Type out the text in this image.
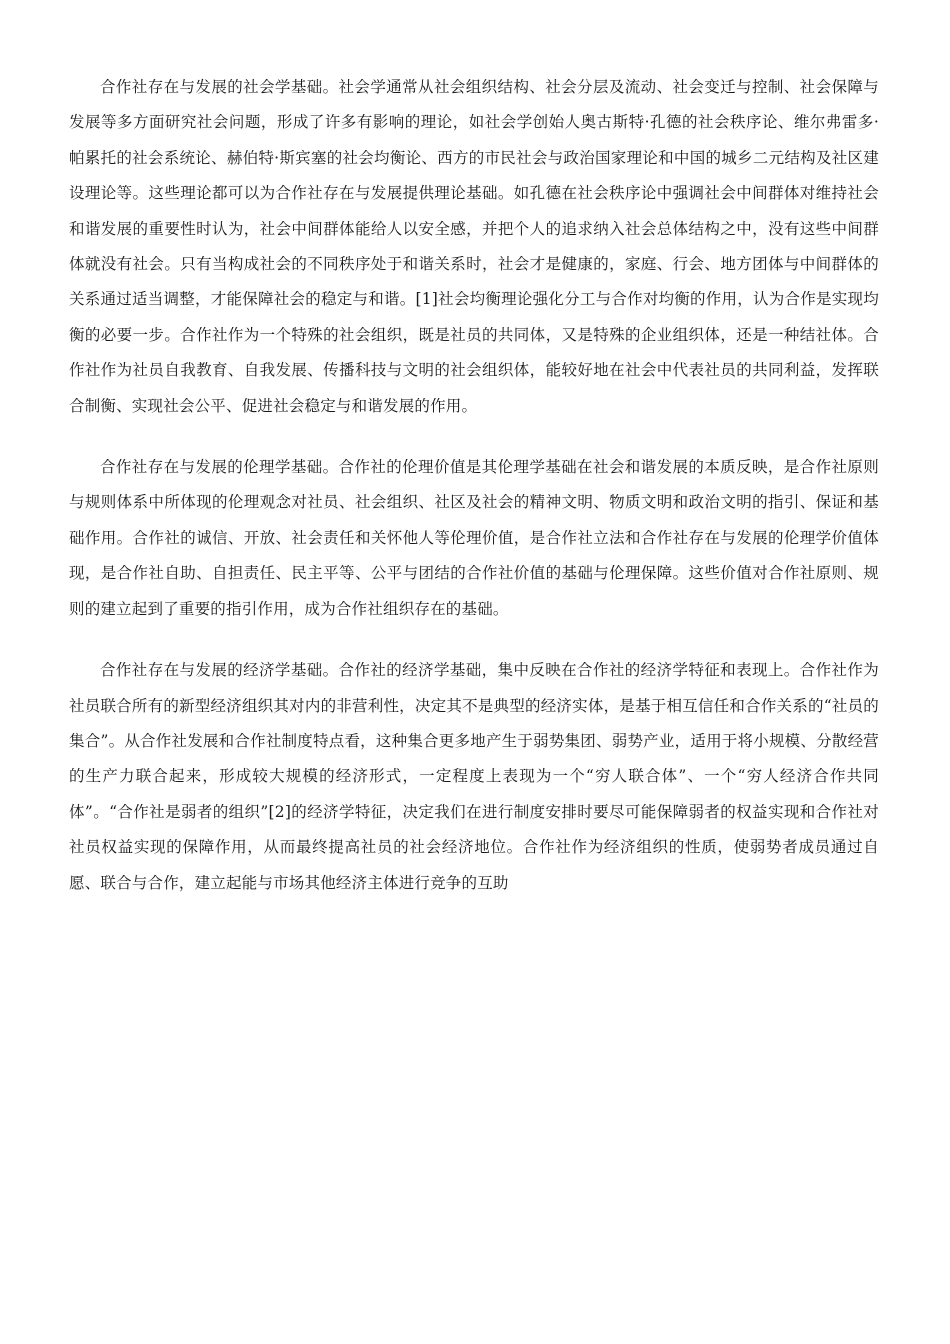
合作社存在与发展的社会学基础。社会学通常从社会组织结构、社会分层及流动、社会变迁与控制、社会保障与发展等多方面研究社会问题，形成了许多有影响的理论，如社会学创始人奥古斯特·孔德的社会秩序论、维尔弗雷多·帕累托的社会系统论、赫伯特·斯宾塞的社会均衡论、西方的市民社会与政治国家理论和中国的城乡二元结构及社区建设理论等。这些理论都可以为合作社存在与发展提供理论基础。如孔德在社会秩序论中强调社会中间群体对维持社会和谐发展的重要性时认为，社会中间群体能给人以安全感，并把个人的追求纳入社会总体结构之中，没有这些中间群体就没有社会。只有当构成社会的不同秩序处于和谐关系时，社会才是健康的，家庭、行会、地方团体与中间群体的关系通过适当调整，才能保障社会的稳定与和谐。[1]社会均衡理论强化分工与合作对均衡的作用，认为合作是实现均衡的必要一步。合作社作为一个特殊的社会组织，既是社员的共同体，又是特殊的企业组织体，还是一种结社体。合作社作为社员自我教育、自我发展、传播科技与文明的社会组织体，能较好地在社会中代表社员的共同利益，发挥联合制衡、实现社会公平、促进社会稳定与和谐发展的作用。

合作社存在与发展的伦理学基础。合作社的伦理价值是其伦理学基础在社会和谐发展的本质反映，是合作社原则与规则体系中所体现的伦理观念对社员、社会组织、社区及社会的精神文明、物质文明和政治文明的指引、保证和基础作用。合作社的诚信、开放、社会责任和关怀他人等伦理价值，是合作社立法和合作社存在与发展的伦理学价值体现，是合作社自助、自担责任、民主平等、公平与团结的合作社价值的基础与伦理保障。这些价值对合作社原则、规则的建立起到了重要的指引作用，成为合作社组织存在的基础。

合作社存在与发展的经济学基础。合作社的经济学基础，集中反映在合作社的经济学特征和表现上。合作社作为社员联合所有的新型经济组织其对内的非营利性，决定其不是典型的经济实体，是基于相互信任和合作关系的“社员的集合”。从合作社发展和合作社制度特点看，这种集合更多地产生于弱势集团、弱势产业，适用于将小规模、分散经营的生产力联合起来，形成较大规模的经济形式，一定程度上表现为一个“穷人联合体”、一个“穷人经济合作共同体”。“合作社是弱者的组织”[2]的经济学特征，决定我们在进行制度安排时要尽可能保障弱者的权益实现和合作社对社员权益实现的保障作用，从而最终提高社员的社会经济地位。合作社作为经济组织的性质，使弱势者成员通过自愿、联合与合作，建立起能与市场其他经济主体进行竞争的互助
